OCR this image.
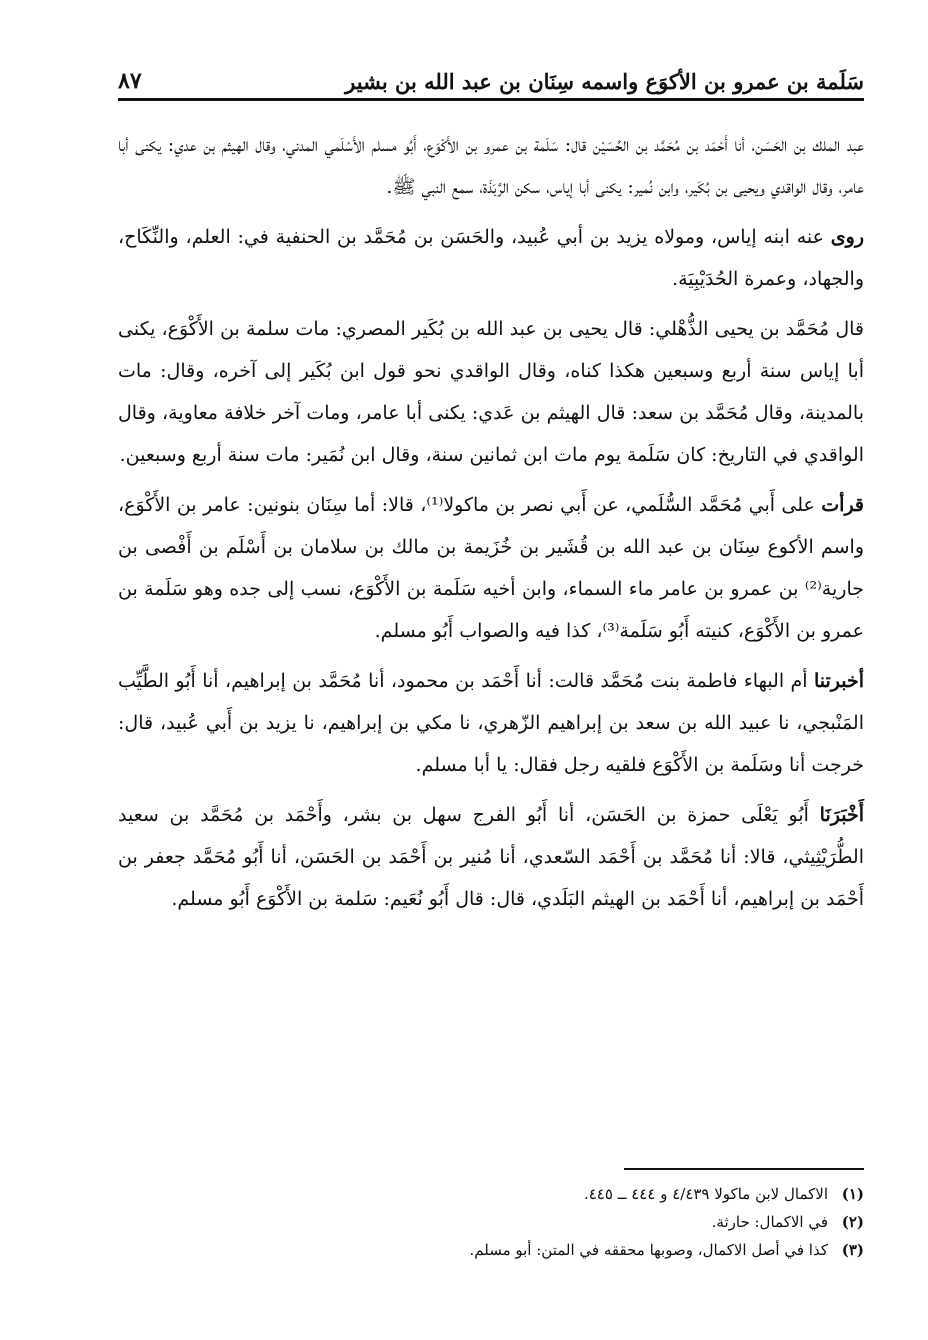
سَلَمة بن عمرو بن الأكوَع واسمه سِنَان بن عبد الله بن بشير
٨٧

عبد الملك بن الحَسَن، أنا أَحْمَد بن مُحَمَّد بن الحُسَيْن قال: سَلَمة بن عمرو بن الأَكْوَع، أَبُو مسلم الأَسْلَمي المدني، وقال الهيثم بن عدي: يكنى أبا عامر، وقال الواقدي ويحيى بن بُكَير، وابن نُمير: يكنى أبا إياس، سكن الرَّبَذَة، سمع النبي ﷺ.

روى عنه ابنه إياس، ومولاه يزيد بن أبي عُبيد، والحَسَن بن مُحَمَّد بن الحنفية في: العلم، والنِّكَاح، والجهاد، وعمرة الحُدَيْبِيَة.

قال مُحَمَّد بن يحيى الذُّهْلي: قال يحيى بن عبد الله بن بُكَير المصري: مات سلمة بن الأَكْوَع، يكنى أبا إياس سنة أربع وسبعين هكذا كناه، وقال الواقدي نحو قول ابن بُكَير إلى آخره، وقال: مات بالمدينة، وقال مُحَمَّد بن سعد: قال الهيثم بن عَدي: يكنى أبا عامر، ومات آخر خلافة معاوية، وقال الواقدي في التاريخ: كان سَلَمة يوم مات ابن ثمانين سنة، وقال ابن نُمَير: مات سنة أربع وسبعين.

قرأت على أَبي مُحَمَّد السُّلَمي، عن أَبي نصر بن ماكولا⁽¹⁾، قالا: أما سِنَان بنونين: عامر بن الأَكْوَع، واسم الأكوع سِنَان بن عبد الله بن قُشَير بن خُزَيمة بن مالك بن سلامان بن أَسْلَم بن أَفْصى بن جارية⁽²⁾ بن عمرو بن عامر ماء السماء، وابن أخيه سَلَمة بن الأَكْوَع، نسب إلى جده وهو سَلَمة بن عمرو بن الأَكْوَع، كنيته أَبُو سَلَمة⁽³⁾، كذا فيه والصواب أَبُو مسلم.

أخبرتنا أم البهاء فاطمة بنت مُحَمَّد قالت: أنا أَحْمَد بن محمود، أنا مُحَمَّد بن إبراهيم، أنا أَبُو الطَّيِّب المَنْبجي، نا عبيد الله بن سعد بن إبراهيم الزّهري، نا مكي بن إبراهيم، نا يزيد بن أَبي عُبيد، قال: خرجت أنا وسَلَمة بن الأَكْوَع فلقيه رجل فقال: يا أبا مسلم.

أَخْبَرَنَا أَبُو يَعْلَى حمزة بن الحَسَن، أنا أَبُو الفرج سهل بن بشر، وأَحْمَد بن مُحَمَّد بن سعيد الطُّرَيْثِيثي، قالا: أنا مُحَمَّد بن أَحْمَد السّعدي، أنا مُنير بن أَحْمَد بن الحَسَن، أنا أَبُو مُحَمَّد جعفر بن أَحْمَد بن إبراهيم، أنا أَحْمَد بن الهيثم البَلَدي، قال: قال أَبُو نُعَيم: سَلمة بن الأَكْوَع أَبُو مسلم.

(١)
الاكمال لابن ماكولا ٤/٤٣٩ و ٤٤٤ ــ ٤٤٥.
(٢)
في الاكمال: حارثة.
(٣)
كذا في أصل الاكمال، وصوبها محققه في المتن: أبو مسلم.
